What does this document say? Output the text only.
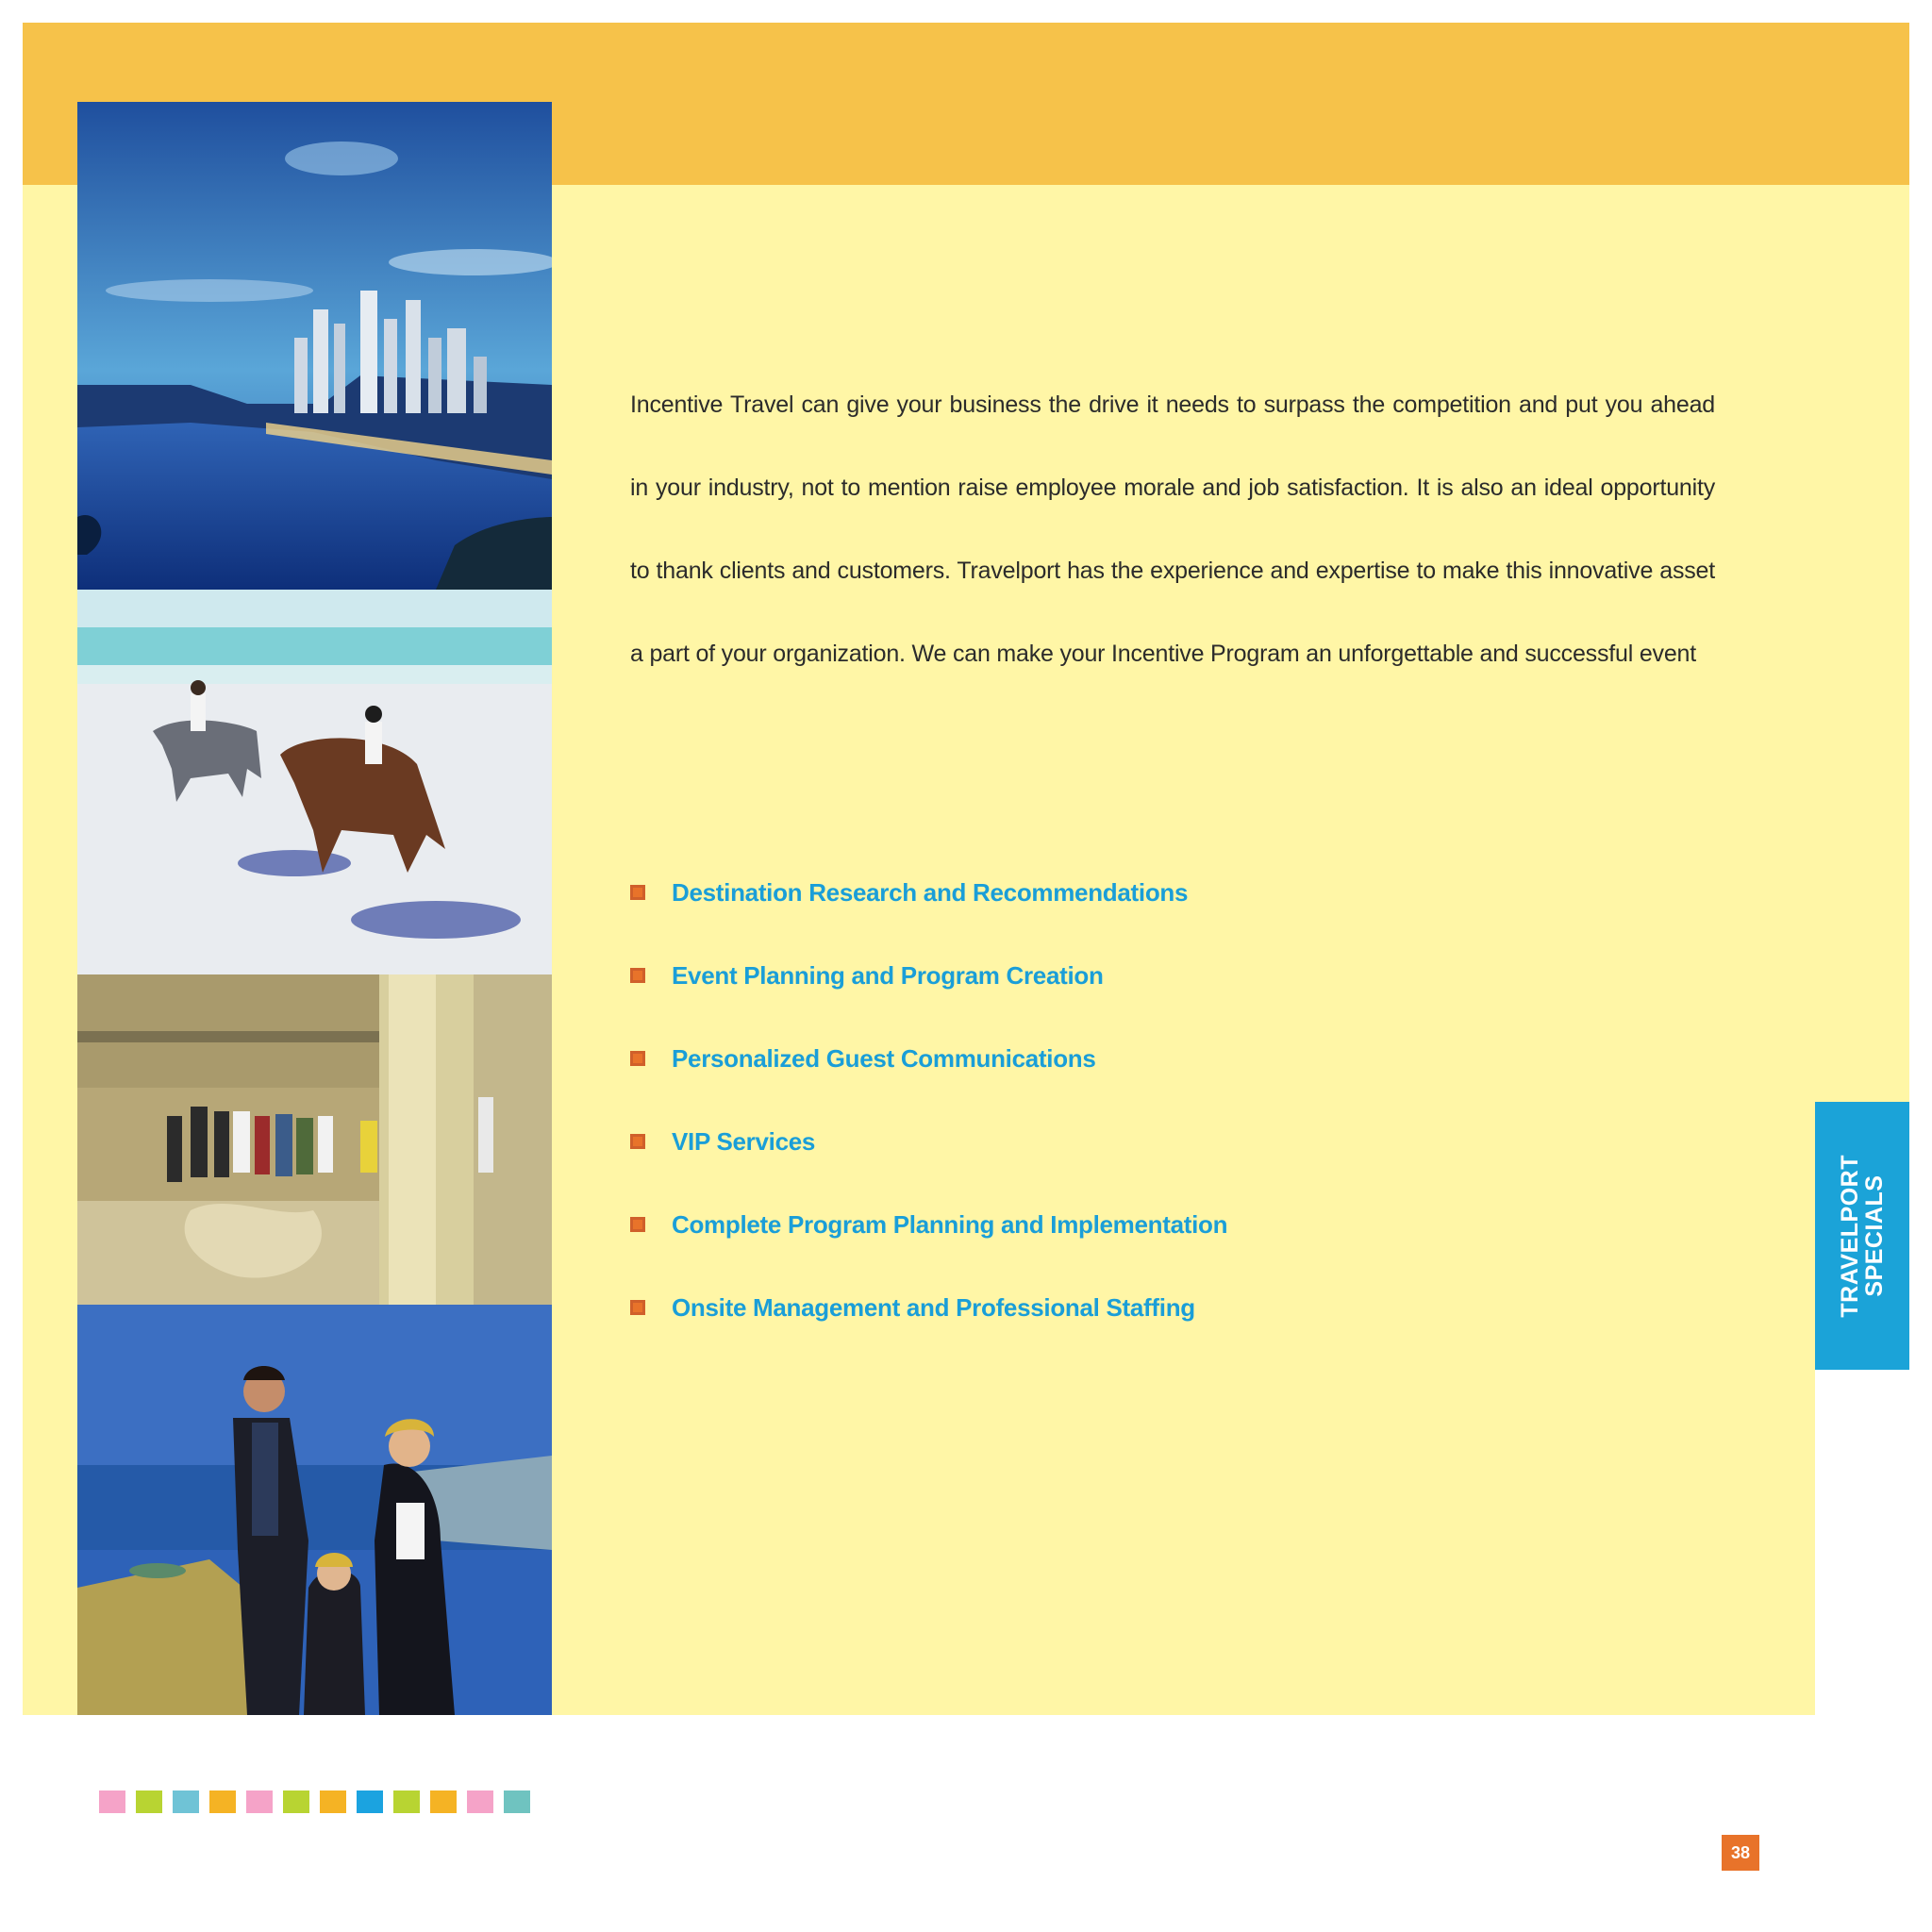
Incentive Travel can give your business the drive it needs to surpass the competition and put you ahead in your industry, not to mention raise employee morale and job satisfaction. It is also an ideal opportunity to thank clients and customers. Travelport has the experience and expertise to make this innovative asset a part of your organization. We can make your Incentive Program an unforgettable and successful event
Destination Research and Recommendations
Event Planning and Program Creation
Personalized Guest Communications
VIP Services
Complete Program Planning and Implementation
Onsite Management and Professional Staffing	TRAVELPORT
SPECIALS
38
